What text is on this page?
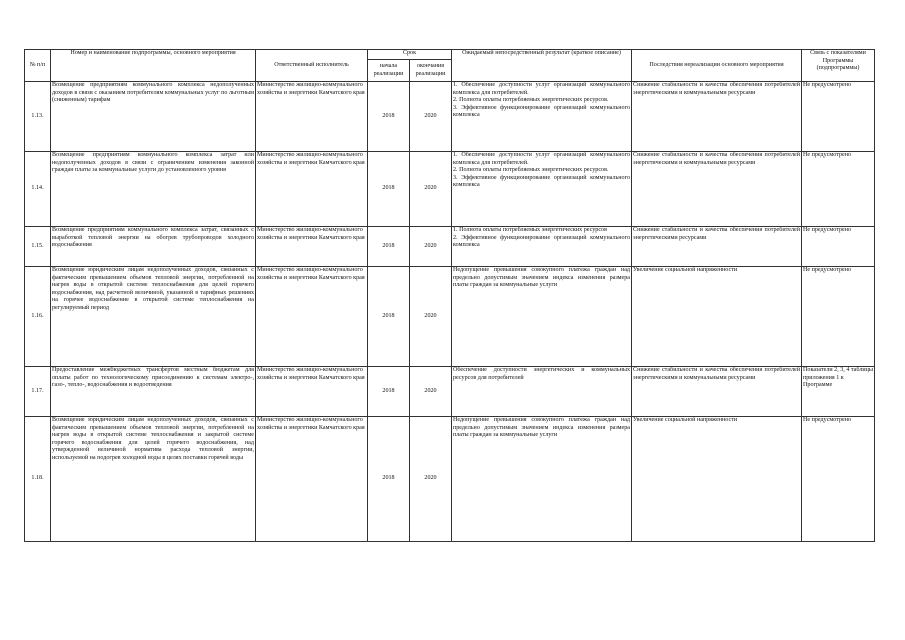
№ п/п	Номер и наименование подпрограммы, основного мероприятия	Ответственный исполнитель	Срок		Ожидаемый непосредственный результат (краткое описание)	Последствия нереализации основного мероприятия	Связь с показателями Программы (подпрограммы)
			начала реализации	окончания реализации			
1.13.	Возмещение предприятиям коммунального комплекса недополученных доходов в связи с оказанием потребителям коммунальных услуг по льготным (сниженным) тарифам	Министерство жилищно-коммунального хозяйства и энергетики Камчатского края	2018	2020	1. Обеспечение доступности услуг организаций коммунального комплекса для потребителей.
2. Полнота оплаты потребляемых энергетических ресурсов.
3. Эффективное функционирование организаций коммунального комплекса	Снижение стабильности и качества обеспечения потребителей энергетическими и коммунальными ресурсами	Не предусмотрено
1.14.	Возмещение предприятиям коммунального комплекса затрат или недополученных доходов в связи с ограничением изменения законной граждан платы за коммунальные услуги до установленного уровня	Министерство жилищно-коммунального хозяйства и энергетики Камчатского края	2018	2020	1. Обеспечение доступности услуг организаций коммунального комплекса для потребителей.
2. Полнота оплаты потребляемых энергетических ресурсов.
3. Эффективное функционирование организаций коммунального комплекса	Снижение стабильности и качества обеспечения потребителей энергетическими и коммунальными ресурсами	Не предусмотрено
1.15.	Возмещение предприятиям коммунального комплекса затрат, связанных с выработкой тепловой энергии на обогрев трубопроводов холодного водоснабжения	Министерство жилищно-коммунального хозяйства и энергетики Камчатского края	2018	2020	1. Полнота оплаты потребляемых энергетических ресурсов
2. Эффективное функционирование организаций коммунального комплекса	Снижение стабильности и качества обеспечения потребителей энергетическими ресурсами	Не предусмотрено
1.16.	Возмещение юридическим лицам недополученных доходов, связанных с фактическим превышением объемов тепловой энергии, потребленной на нагрев воды в открытой системе теплоснабжения для целей горячего водоснабжения, над расчетной величиной, указанной в тарифных решениях на горячее водоснабжение в открытой системе теплоснабжения на регулируемый период	Министерство жилищно-коммунального хозяйства и энергетики Камчатского края	2018	2020	Недопущение превышения совокупного платежа граждан над предельно допустимым значением индекса изменения размера платы граждан за коммунальные услуги	Увеличение социальной напряженности	Не предусмотрено
1.17.	Предоставление межбюджетных трансфертов местным бюджетам для оплаты работ по технологическому присоединению к системам электро-, газо-, тепло-, водоснабжения и водоотведения	Министерство жилищно-коммунального хозяйства и энергетики Камчатского края	2018	2020	Обеспечение доступности энергетических и коммунальных ресурсов для потребителей	Снижение стабильности и качества обеспечения потребителей энергетическими и коммунальными ресурсами	Показатели 2, 3, 4 таблицы приложения 1 к Программе
1.18.	Возмещение юридическим лицам недополученных доходов, связанных с фактическим превышением объемов тепловой энергии, потребленной на нагрев воды в открытой системе теплоснабжения и закрытой системе горячего водоснабжения для целей горячего водоснабжения, над утвержденной величиной норматива расхода тепловой энергии, используемой на подогрев холодной воды в целях поставки горячей воды	Министерство жилищно-коммунального хозяйства и энергетики Камчатского края	2018	2020	Недопущение превышения совокупного платежа граждан над предельно допустимым значением индекса изменения размера платы граждан за коммунальные услуги	Увеличение социальной напряженности	Не предусмотрено
